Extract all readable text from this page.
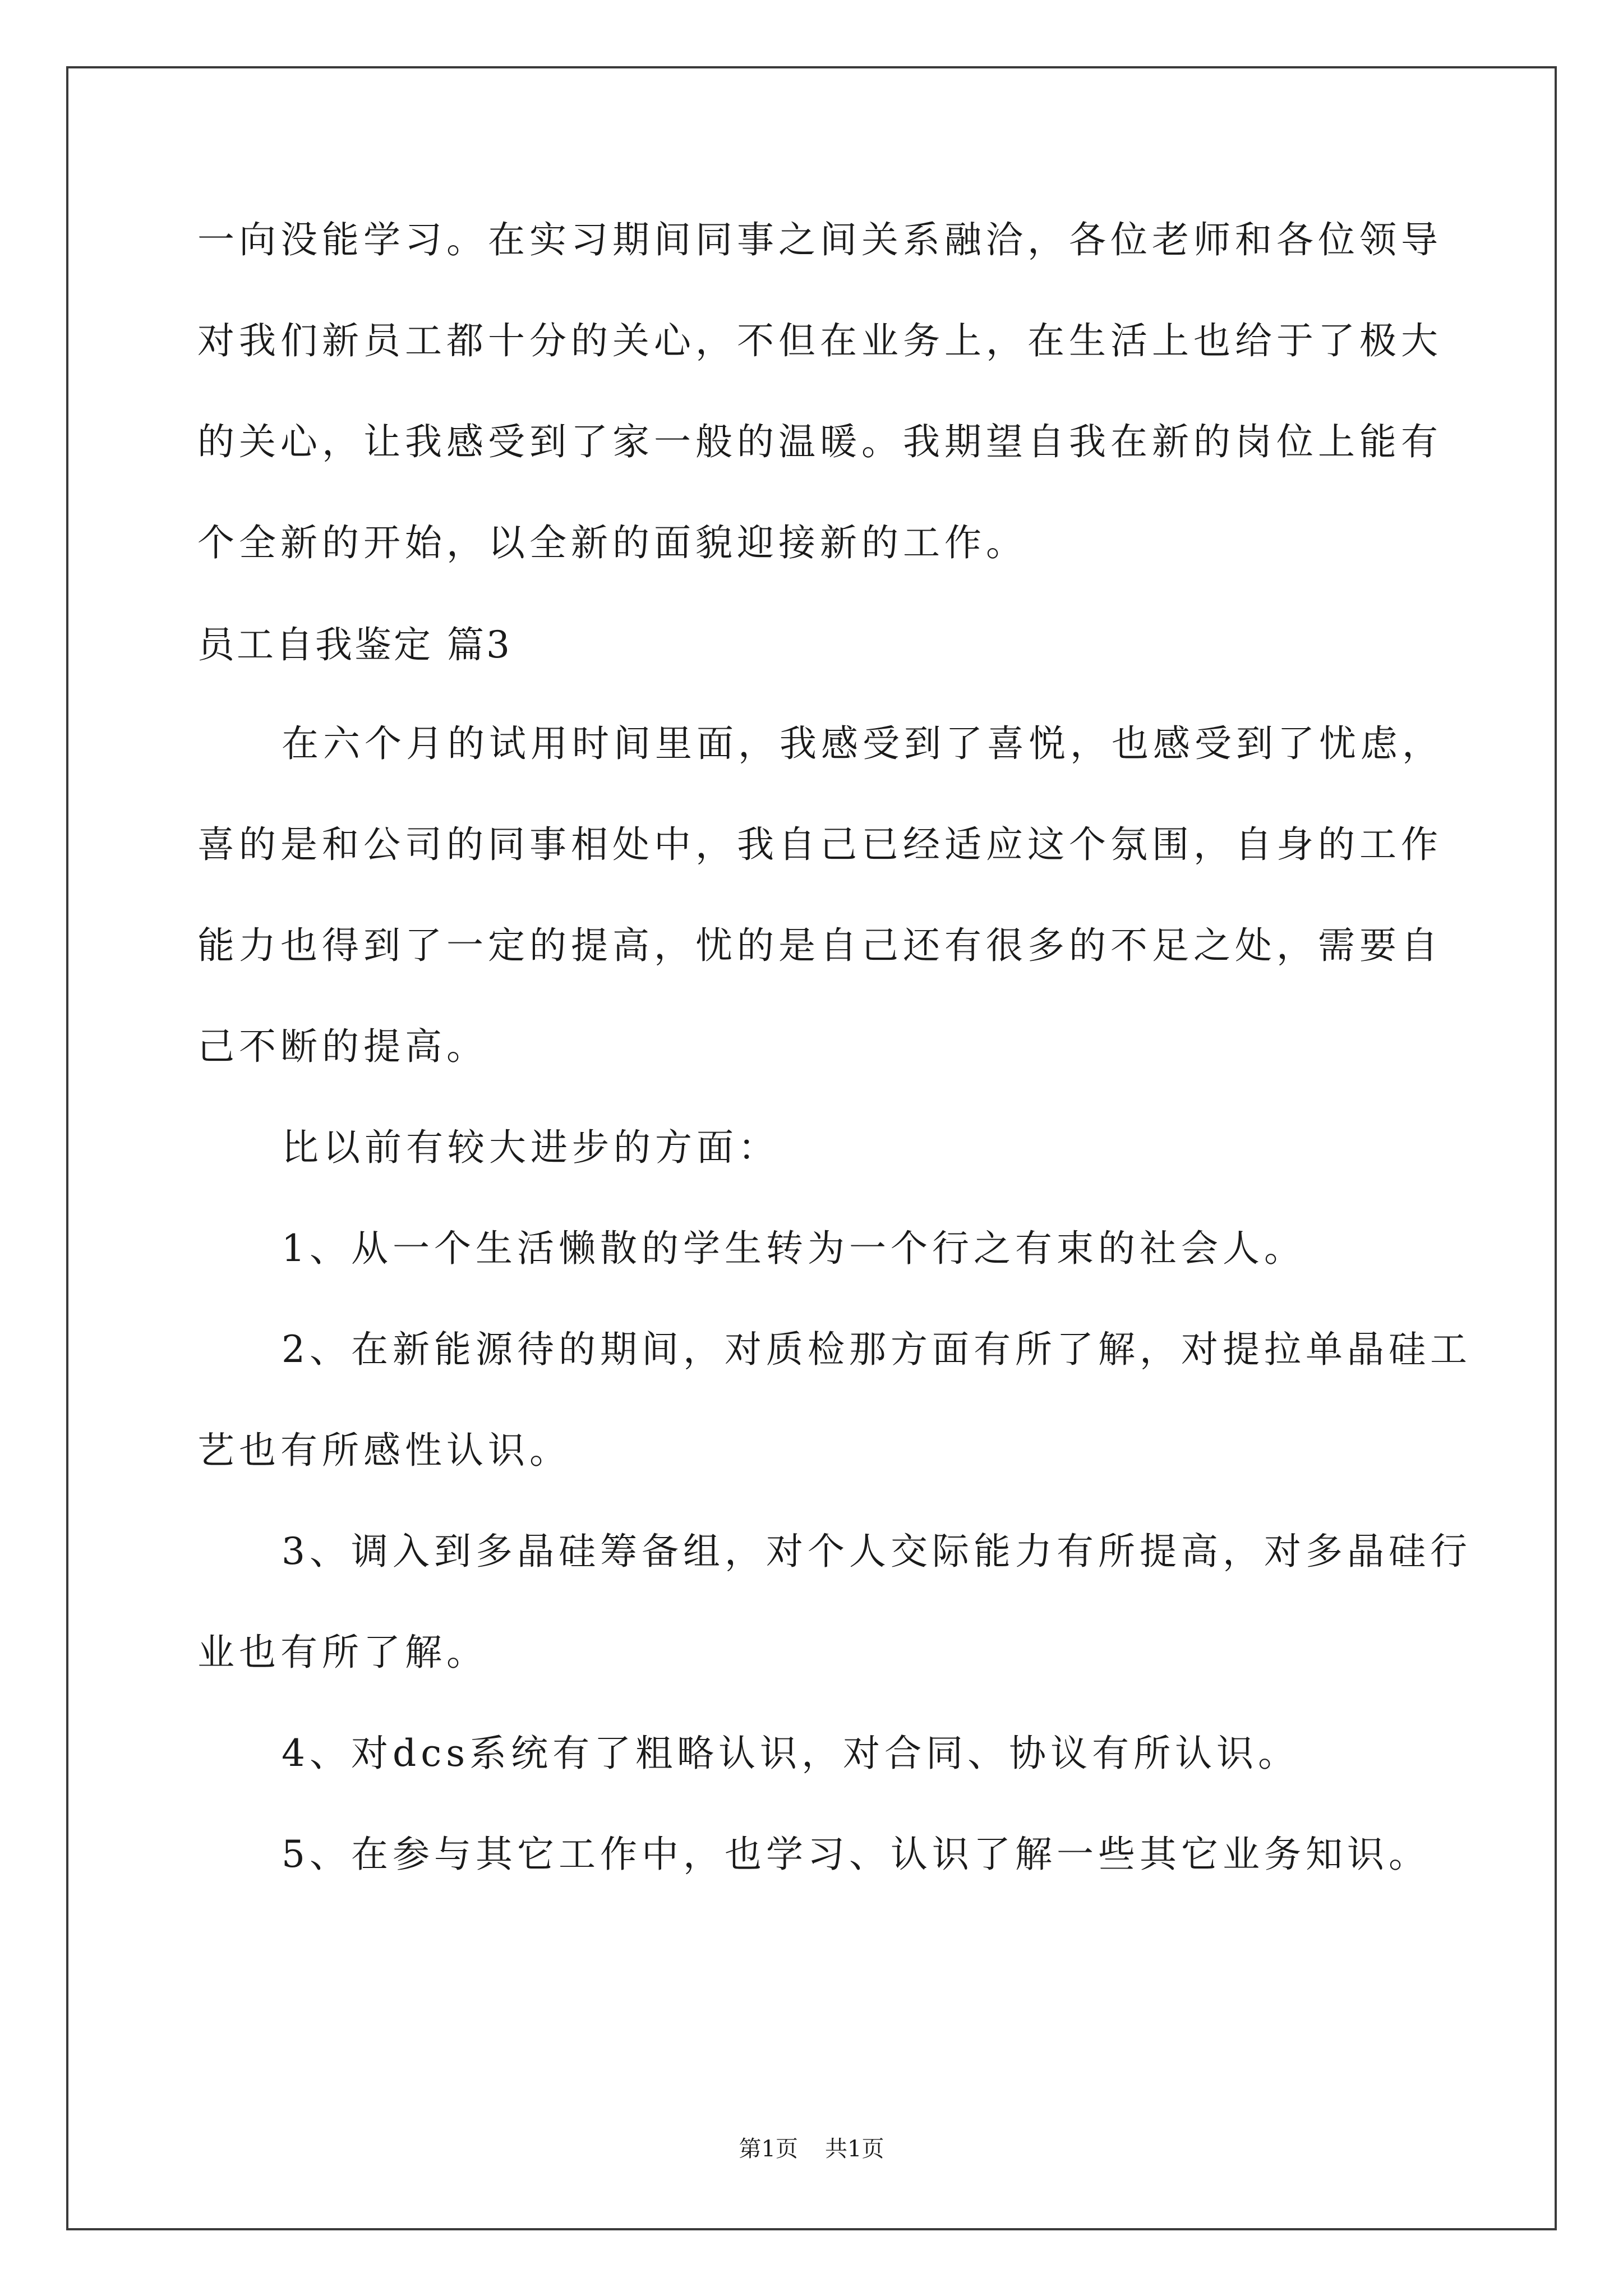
一向没能学习。在实习期间同事之间关系融洽，各位老师和各位领导
对我们新员工都十分的关心，不但在业务上，在生活上也给于了极大
的关心，让我感受到了家一般的温暖。我期望自我在新的岗位上能有
个全新的开始，以全新的面貌迎接新的工作。
员工自我鉴定 篇3
在六个月的试用时间里面，我感受到了喜悦，也感受到了忧虑，
喜的是和公司的同事相处中，我自己已经适应这个氛围，自身的工作
能力也得到了一定的提高，忧的是自己还有很多的不足之处，需要自
己不断的提高。
比以前有较大进步的方面：
1、从一个生活懒散的学生转为一个行之有束的社会人。
2、在新能源待的期间，对质检那方面有所了解，对提拉单晶硅工
艺也有所感性认识。
3、调入到多晶硅筹备组，对个人交际能力有所提高，对多晶硅行
业也有所了解。
4、对dcs系统有了粗略认识，对合同、协议有所认识。
5、在参与其它工作中，也学习、认识了解一些其它业务知识。
第1页 共1页
